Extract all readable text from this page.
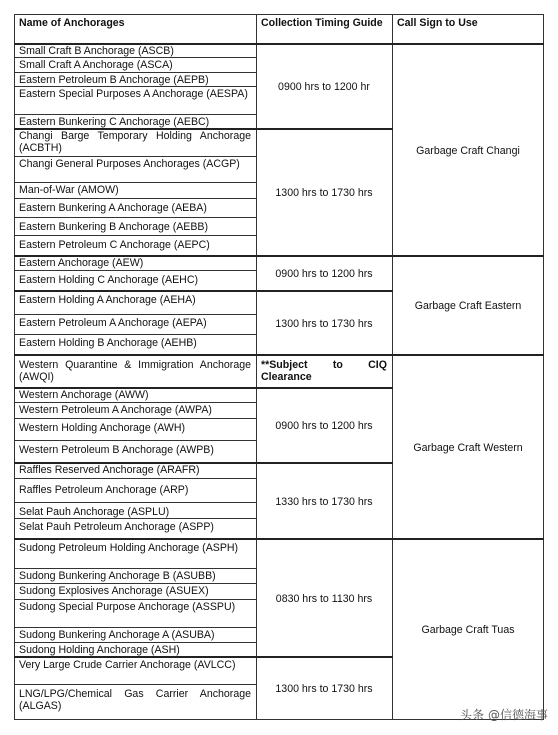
Name of Anchorages	Collection Timing Guide	Call Sign to Use
Small Craft B Anchorage (ASCB)
Small Craft A Anchorage (ASCA)
Eastern Petroleum B Anchorage (AEPB)
Eastern Special Purposes A Anchorage (AESPA)
Eastern Bunkering C Anchorage (AEBC)
Changi Barge Temporary Holding Anchorage (ACBTH)
Changi General Purposes Anchorages (ACGP)
Man-of-War (AMOW)
Eastern Bunkering A Anchorage (AEBA)
Eastern Bunkering B Anchorage (AEBB)
Eastern Petroleum C Anchorage (AEPC)
Eastern Anchorage (AEW)
Eastern Holding C Anchorage (AEHC)
Eastern Holding A Anchorage (AEHA)
Eastern Petroleum A Anchorage (AEPA)
Eastern Holding B Anchorage (AEHB)
Western Quarantine & Immigration Anchorage (AWQI)
Western Anchorage (AWW)
Western Petroleum A Anchorage (AWPA)
Western Holding Anchorage (AWH)
Western Petroleum B Anchorage (AWPB)
Raffles Reserved Anchorage (ARAFR)
Raffles Petroleum Anchorage (ARP)
Selat Pauh Anchorage (ASPLU)
Selat Pauh Petroleum Anchorage (ASPP)
Sudong Petroleum Holding Anchorage (ASPH)
Sudong Bunkering Anchorage B (ASUBB)
Sudong Explosives Anchorage (ASUEX)
Sudong Special Purpose Anchorage (ASSPU)
Sudong Bunkering Anchorage A (ASUBA)
Sudong Holding Anchorage (ASH)
Very Large Crude Carrier Anchorage (AVLCC)
LNG/LPG/Chemical Gas Carrier Anchorage (ALGAS)
0900 hrs to 1200 hr
1300 hrs to 1730 hrs
0900 hrs to 1200 hrs
1300 hrs to 1730 hrs
**Subject to CIQ Clearance
0900 hrs to 1200 hrs
1330 hrs to 1730 hrs
0830 hrs to 1130 hrs
1300 hrs to 1730 hrs
Garbage Craft Changi
Garbage Craft Eastern
Garbage Craft Western
Garbage Craft Tuas
头条 @信德海事
